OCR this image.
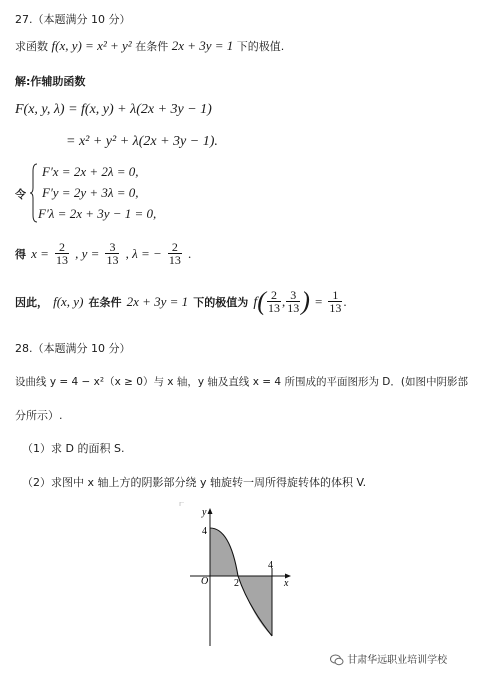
27.（本题满分 10 分）
求函数 f(x, y) = x² + y² 在条件 2x + 3y = 1 下的极值.
解:作辅助函数
F(x, y, λ) = f(x, y) + λ(2x + 3y − 1)
= x² + y² + λ(2x + 3y − 1).
令
F′x = 2x + 2λ = 0,
F′y = 2y + 3λ = 0,
F′λ = 2x + 3y − 1 = 0,
得 $x = \frac{2}{13}$ , $y = \frac{3}{13}$ , λ = − $\frac{2}{13}$ .
因此， f(x, y) 在条件 2x + 3y = 1 下的极值为 $f( \frac{2}{13}$ , $\frac{3}{13}$ ) = $\frac{1}{13}$ .
28.（本题满分 10 分）
设曲线 y = 4 − x²（x ≥ 0）与 x 轴，y 轴及直线 x = 4 所围成的平面图形为 D．(如图中阴影部
分所示）.
（1）求 D 的面积 S.
（2）求图中 x 轴上方的阴影部分绕 y 轴旋转一周所得旋转体的体积 V.
y
x
O
4
2
4
甘肃华远职业培训学校
